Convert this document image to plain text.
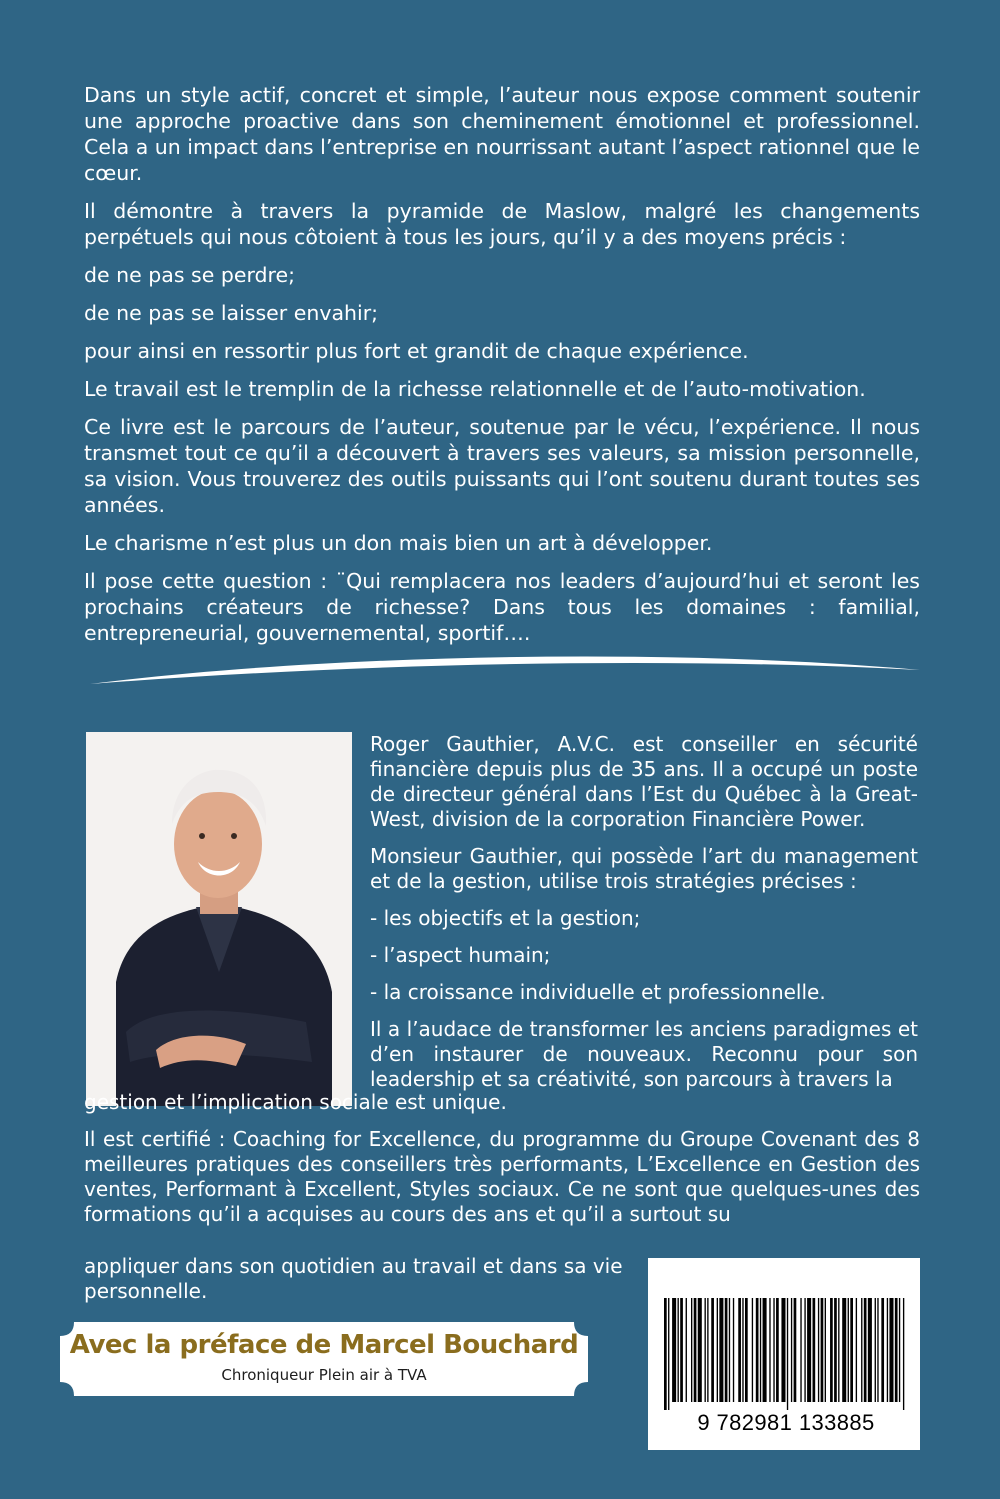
Dans un style actif, concret et simple, l’auteur nous expose comment soutenir une approche proactive dans son cheminement émotionnel et professionnel. Cela a un impact dans l’entreprise en nourrissant autant l’aspect rationnel que le cœur.

Il démontre à travers la pyramide de Maslow, malgré les changements perpétuels qui nous côtoient à tous les jours, qu’il y a des moyens précis :

de ne pas se perdre;

de ne pas se laisser envahir;

pour ainsi en ressortir plus fort et grandit de chaque expérience.

Le travail est le tremplin de la richesse relationnelle et de l’auto-motivation.

Ce livre est le parcours de l’auteur, soutenue par le vécu, l’expérience. Il nous transmet tout ce qu’il a découvert à travers ses valeurs, sa mission personnelle, sa vision. Vous trouverez des outils puissants qui l’ont soutenu durant toutes ses années.

Le charisme n’est plus un don mais bien un art à développer.

Il pose cette question : ¨Qui remplacera nos leaders d’aujourd’hui et seront les prochains créateurs de richesse? Dans tous les domaines : familial, entrepreneurial, gouvernemental, sportif….

Roger Gauthier, A.V.C. est conseiller en sécurité financière depuis plus de 35 ans. Il a occupé un poste de directeur général dans l’Est du Québec à la Great-West, division de la corporation Financière Power.

Monsieur Gauthier, qui possède l’art du management et de la gestion, utilise trois stratégies précises :

- les objectifs et la gestion;

- l’aspect humain;

- la croissance individuelle et professionnelle.

Il a l’audace de transformer les anciens paradigmes et d’en instaurer de nouveaux. Reconnu pour son leadership et sa créativité, son parcours à travers la

gestion et l’implication sociale est unique.

Il est certifié : Coaching for Excellence, du programme du Groupe Covenant des 8 meilleures pratiques des conseillers très performants, L’Excellence en Gestion des ventes, Performant à Excellent, Styles sociaux. Ce ne sont que quelques-unes des formations qu’il a acquises au cours des ans et qu’il a surtout su

appliquer dans son quotidien au travail et dans sa vie personnelle.
Avec la préface de Marcel Bouchard
Chroniqueur Plein air à TVA
9 782981 133885
